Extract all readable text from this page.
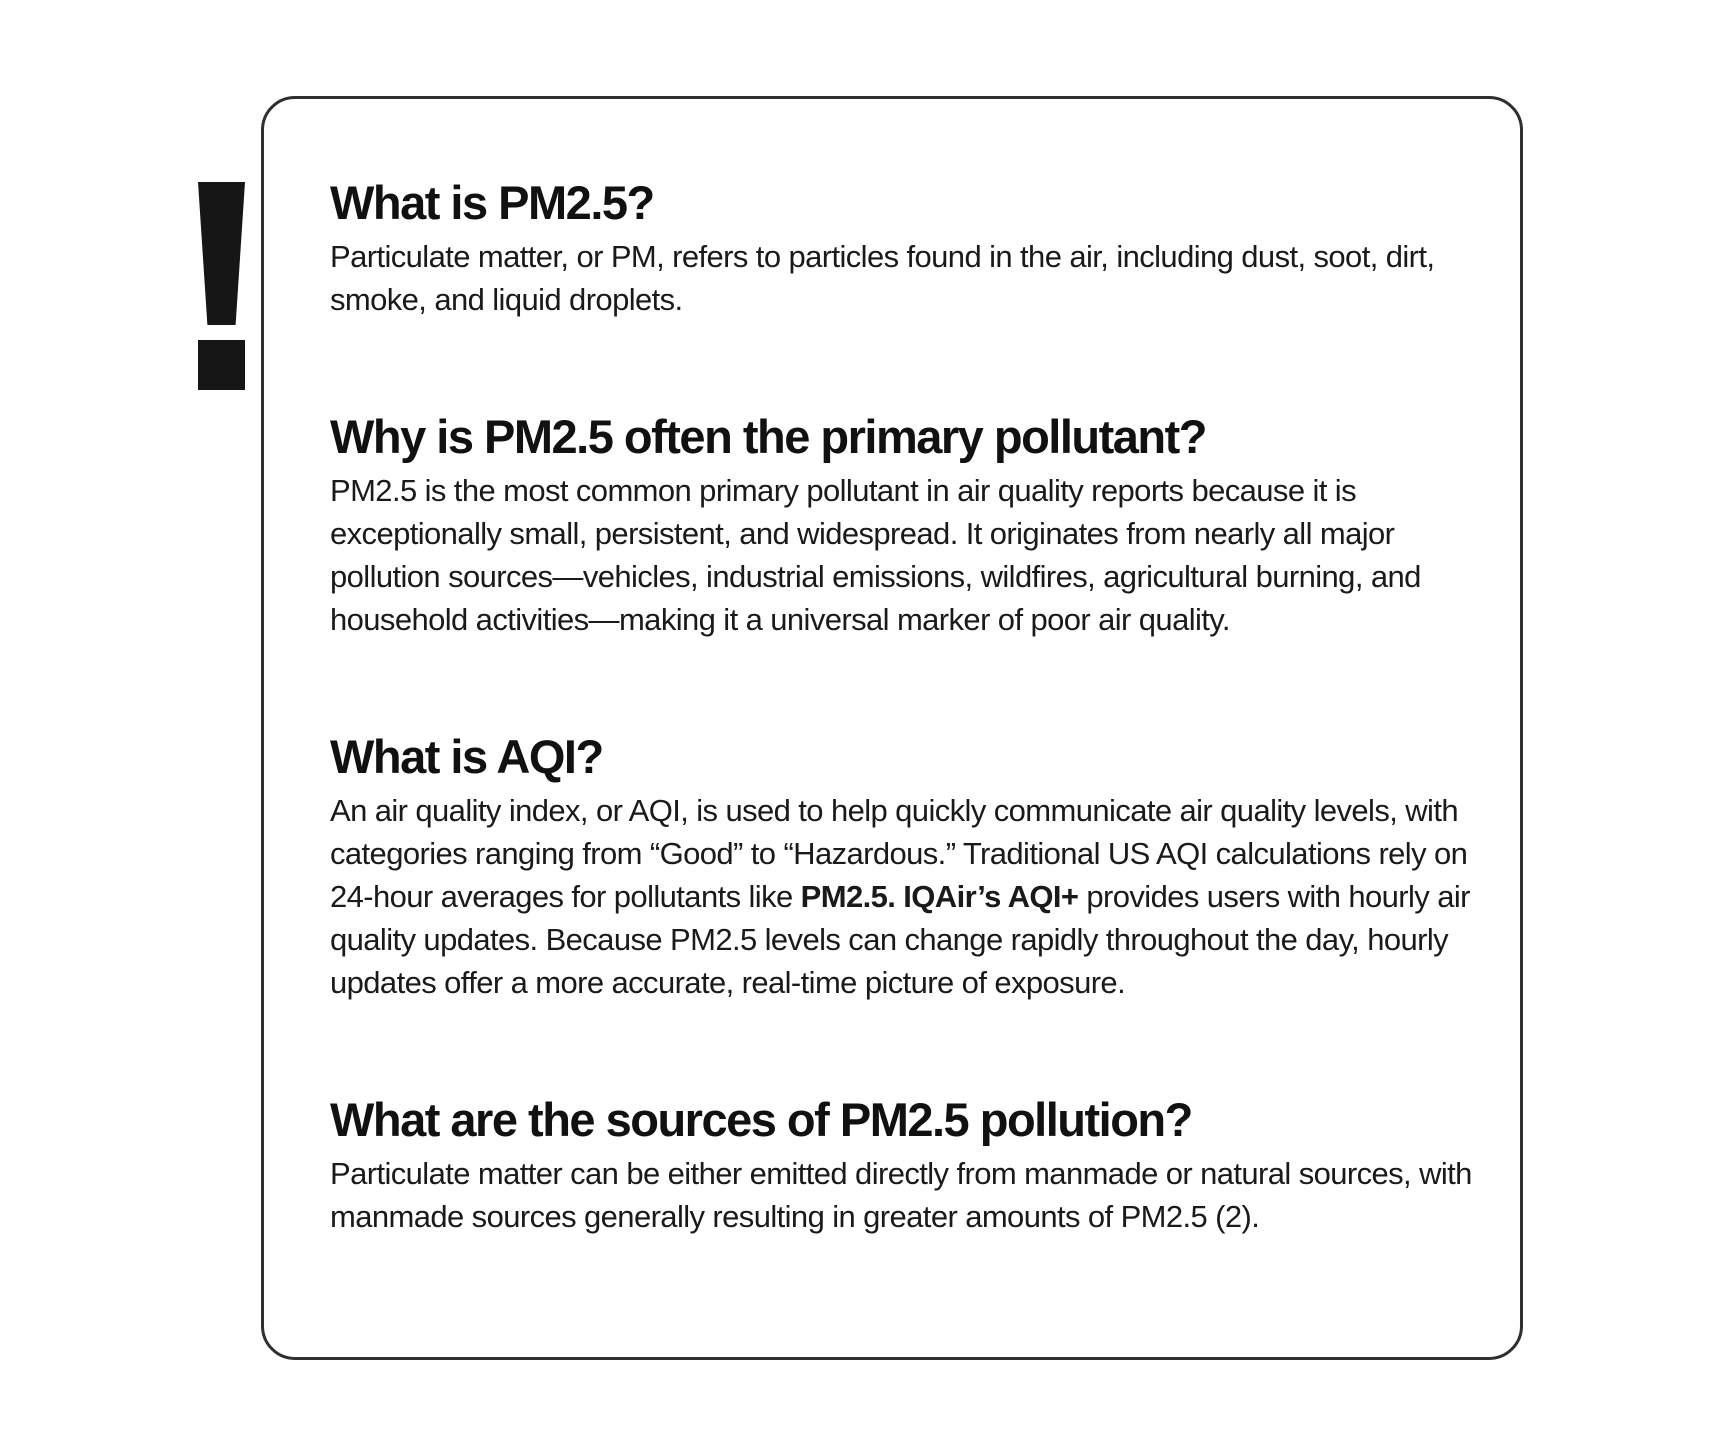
What is PM2.5?

Particulate matter, or PM, refers to particles found in the air, including dust, soot, dirt, smoke, and liquid droplets.

Why is PM2.5 often the primary pollutant?

PM2.5 is the most common primary pollutant in air quality reports because it is exceptionally small, persistent, and widespread. It originates from nearly all major pollution sources—vehicles, industrial emissions, wildfires, agricultural burning, and household activities—making it a universal marker of poor air quality.

What is AQI?

An air quality index, or AQI, is used to help quickly communicate air quality levels, with categories ranging from “Good” to “Hazardous.” Traditional US AQI calculations rely on 24-hour averages for pollutants like PM2.5. IQAir’s AQI+ provides users with hourly air quality updates. Because PM2.5 levels can change rapidly throughout the day, hourly updates offer a more accurate, real-time picture of exposure.

What are the sources of PM2.5 pollution?

Particulate matter can be either emitted directly from manmade or natural sources, with manmade sources generally resulting in greater amounts of PM2.5 (2).
